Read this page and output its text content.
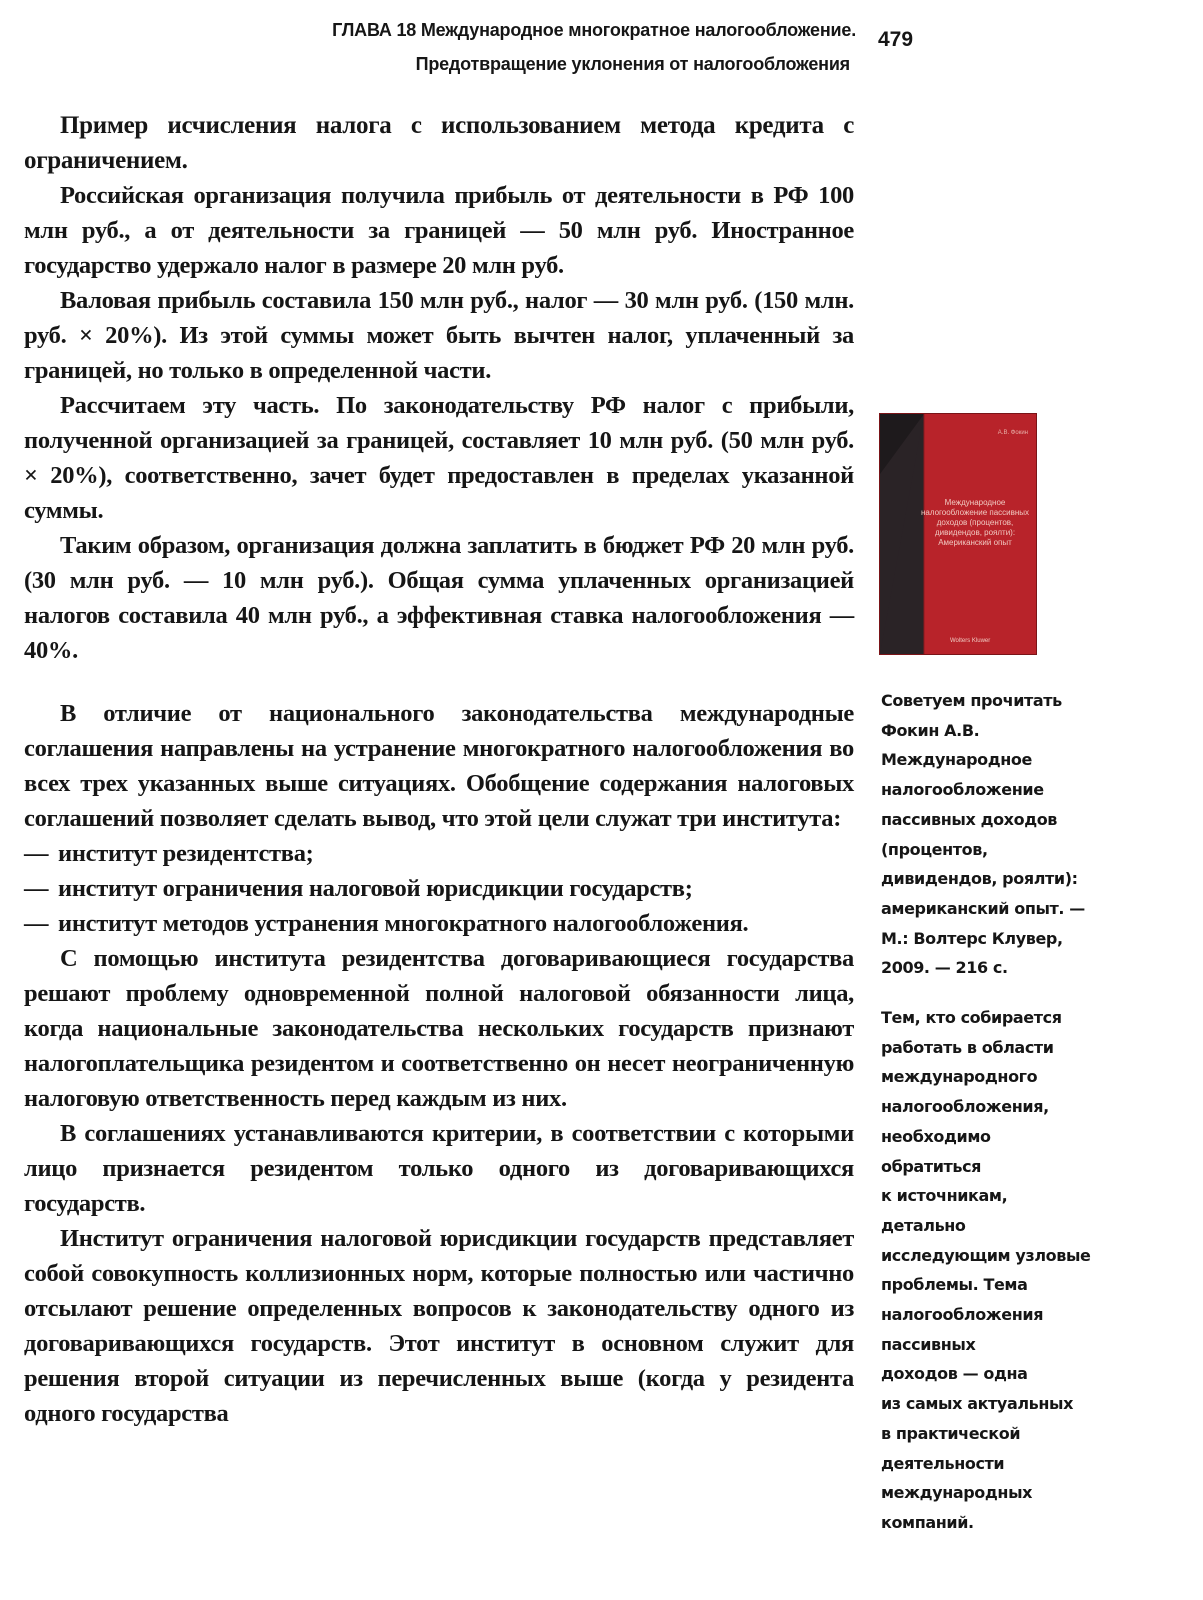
ГЛАВА 18 Международное многократное налогообложение.
Предотвращение уклонения от налогообложения
479

Пример исчисления налога с использованием метода кредита с ограничением.

Российская организация получила прибыль от деятельности в РФ 100 млн руб., а от деятельности за границей — 50 млн руб. Иностранное государство удержало налог в размере 20 млн руб.

Валовая прибыль составила 150 млн руб., налог — 30 млн руб. (150 млн. руб. × 20%). Из этой суммы может быть вычтен налог, уплаченный за границей, но только в определенной части.

Рассчитаем эту часть. По законодательству РФ налог с прибыли, полученной организацией за границей, составляет 10 млн руб. (50 млн руб. × 20%), соответственно, зачет будет предоставлен в пределах указанной суммы.

Таким образом, организация должна заплатить в бюджет РФ 20 млн руб. (30 млн руб. — 10 млн руб.). Общая сумма уплаченных организацией налогов составила 40 млн руб., а эффективная ставка налогообложения — 40%.

В отличие от национального законодательства международные соглашения направлены на устранение многократного налогообложения во всех трех указанных выше ситуациях. Обобщение содержания налоговых соглашений позволяет сделать вывод, что этой цели служат три института:

— институт резидентства;

— институт ограничения налоговой юрисдикции государств;

— институт методов устранения многократного налогообложения.

С помощью института резидентства договаривающиеся государства решают проблему одновременной полной налоговой обязанности лица, когда национальные законодательства нескольких государств признают налогоплательщика резидентом и соответственно он несет неограниченную налоговую ответственность перед каждым из них.

В соглашениях устанавливаются критерии, в соответствии с которыми лицо признается резидентом только одного из договаривающихся государств.

Институт ограничения налоговой юрисдикции государств представляет собой совокупность коллизионных норм, которые полностью или частично отсылают решение определенных вопросов к законодательству одного из договаривающихся государств. Этот институт в основном служит для решения второй ситуации из перечисленных выше (когда у резидента одного государства

А.В. Фокин
Международное налогообложение пассивных доходов (процентов, дивидендов, роялти): Американский опыт
Wolters Kluwer
Советуем прочитать
Фокин А.В.
Международное
налогообложение
пассивных доходов
(процентов,
дивидендов, роялти):
американский опыт. —
М.: Волтерс Клувер,
2009. — 216 с.
Тем, кто собирается
работать в области
международного
налогообложения,
необходимо
обратиться
к источникам,
детально
исследующим узловые
проблемы. Тема
налогообложения
пассивных
доходов — одна
из самых актуальных
в практической
деятельности
международных
компаний.
